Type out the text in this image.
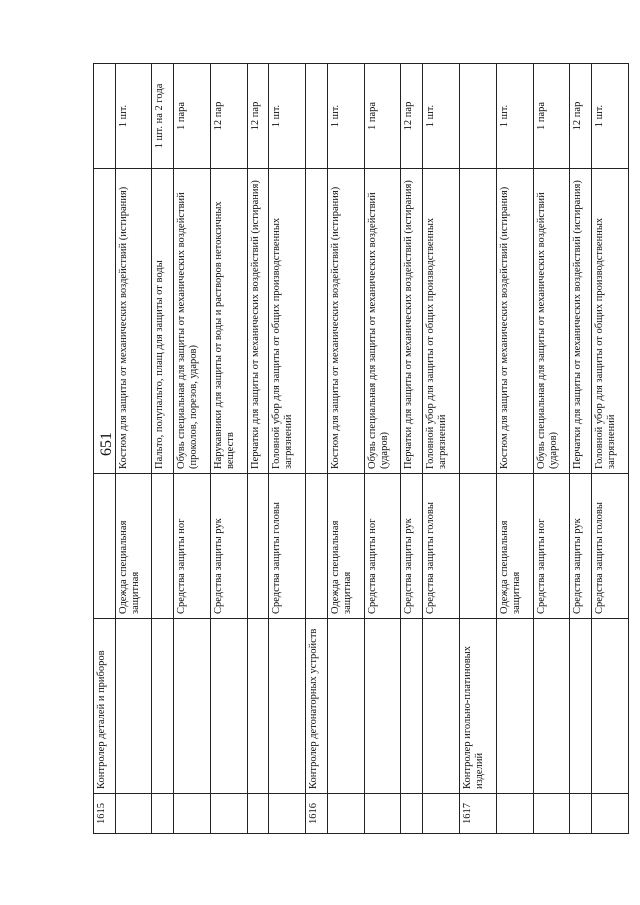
651
1615	Контролер деталей и приборов			
		Одежда специальная защитная	Костюм для защиты от механических воздействий (истирания)	1 шт.
			Пальто, полупальто, плащ для защиты от воды	1 шт. на 2 года
		Средства защиты ног	Обувь специальная для защиты от механических воздействий (проколов, порезов, ударов)	1 пара
		Средства защиты рук	Нарукавники для защиты от воды и растворов нетоксичных веществ	12 пар
			Перчатки для защиты от механических воздействий (истирания)	12 пар
		Средства защиты головы	Головной убор для защиты от общих производственных загрязнений	1 шт.
1616	Контролер детонаторных устройств			
		Одежда специальная защитная	Костюм для защиты от механических воздействий (истирания)	1 шт.
		Средства защиты ног	Обувь специальная для защиты от механических воздействий (ударов)	1 пара
		Средства защиты рук	Перчатки для защиты от механических воздействий (истирания)	12 пар
		Средства защиты головы	Головной убор для защиты от общих производственных загрязнений	1 шт.
1617	Контролер игольно-платиновых изделий			
		Одежда специальная защитная	Костюм для защиты от механических воздействий (истирания)	1 шт.
		Средства защиты ног	Обувь специальная для защиты от механических воздействий (ударов)	1 пара
		Средства защиты рук	Перчатки для защиты от механических воздействий (истирания)	12 пар
		Средства защиты головы	Головной убор для защиты от общих производственных загрязнений	1 шт.
